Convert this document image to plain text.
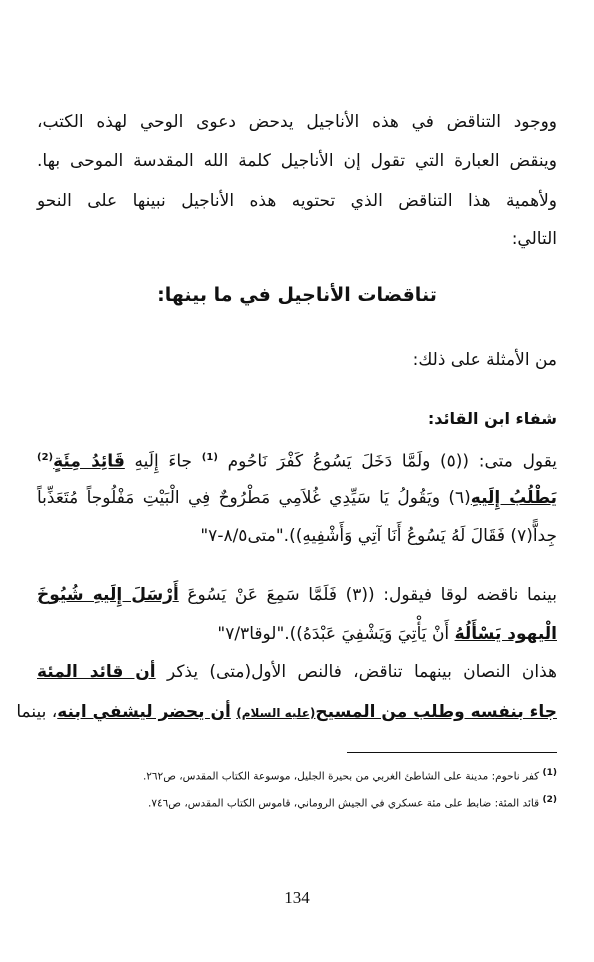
ووجود التناقض في هذه الأناجيل يدحض دعوى الوحي لهذه الكتب،
وينقض العبارة التي تقول إن الأناجيل كلمة الله المقدسة الموحى بها.
ولأهمية هذا التناقض الذي تحتويه هذه الأناجيل نبينها على النحو
التالي:
تناقضات الأناجيل في ما بينها:
من الأمثلة على ذلك:
شفاء ابن القائد:
يقول متى: ((٥) ولَمَّا دَخَلَ يَسُوعُ كَفْرَ نَاحُوم $^{(1)}$ جاءَ إِلَيهِ قَائِدُ مِئَةٍ$^{(2)}$
يَطْلُبُ إِلَيهِ(٦) ويَقُولُ يَا سَيِّدِي غُلاَمِي مَطْرُوحٌ فِي الْبَيْتِ مَفْلُوجاً مُتَعَذِّباً
جِداًّ(٧) فَقَالَ لَهُ يَسُوعُ أَنَا آتِي وَأَشْفِيهِ))."متى٨/٥-٧"
بينما ناقضه لوقا فيقول: ((٣) فَلَمَّا سَمِعَ عَنْ يَسُوعَ أَرْسَلَ إِلَيهِ شُيُوخَ
الْيهود يَسْأَلُهُ أَنْ يَأْتِيَ وَيَشْفِيَ عَبْدَهُ))."لوقا٧/٣"
هذان النصان بينهما تناقض، فالنص الأول(متى) يذكر أن قائد المئة
جاء بنفسه وطلب من المسيح(عليه السلام) أن يحضر ليشفي ابنه، بينما
(1) كفر ناحوم: مدينة على الشاطئ الغربي من بحيرة الجليل، موسوعة الكتاب المقدس، ص٢٦٢.
(2) قائد المئة: ضابط على مئة عسكري في الجيش الروماني، قاموس الكتاب المقدس، ص٧٤٦.
134
